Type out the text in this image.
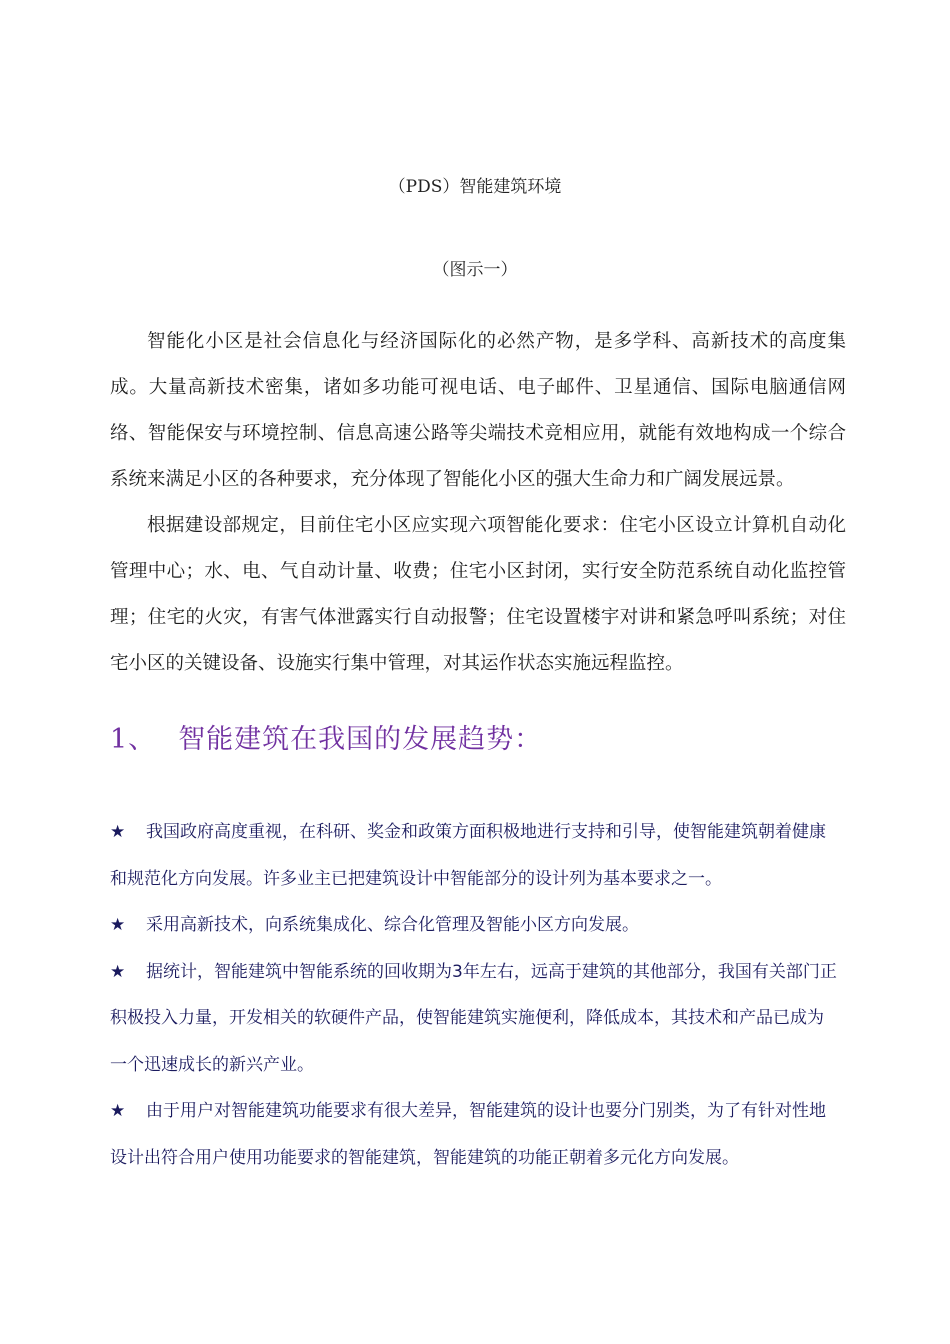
（PDS）智能建筑环境
（图示一）

智能化小区是社会信息化与经济国际化的必然产物，是多学科、高新技术的高度集成。大量高新技术密集，诸如多功能可视电话、电子邮件、卫星通信、国际电脑通信网络、智能保安与环境控制、信息高速公路等尖端技术竞相应用，就能有效地构成一个综合系统来满足小区的各种要求，充分体现了智能化小区的强大生命力和广阔发展远景。

根据建设部规定，目前住宅小区应实现六项智能化要求：住宅小区设立计算机自动化管理中心；水、电、气自动计量、收费；住宅小区封闭，实行安全防范系统自动化监控管理；住宅的火灾，有害气体泄露实行自动报警；住宅设置楼宇对讲和紧急呼叫系统；对住宅小区的关键设备、设施实行集中管理，对其运作状态实施远程监控。

1、 智能建筑在我国的发展趋势：

★ 我国政府高度重视，在科研、奖金和政策方面积极地进行支持和引导，使智能建筑朝着健康和规范化方向发展。许多业主已把建筑设计中智能部分的设计列为基本要求之一。

★ 采用高新技术，向系统集成化、综合化管理及智能小区方向发展。

★ 据统计，智能建筑中智能系统的回收期为3年左右，远高于建筑的其他部分，我国有关部门正积极投入力量，开发相关的软硬件产品，使智能建筑实施便利，降低成本，其技术和产品已成为一个迅速成长的新兴产业。

★ 由于用户对智能建筑功能要求有很大差异，智能建筑的设计也要分门别类，为了有针对性地设计出符合用户使用功能要求的智能建筑，智能建筑的功能正朝着多元化方向发展。
